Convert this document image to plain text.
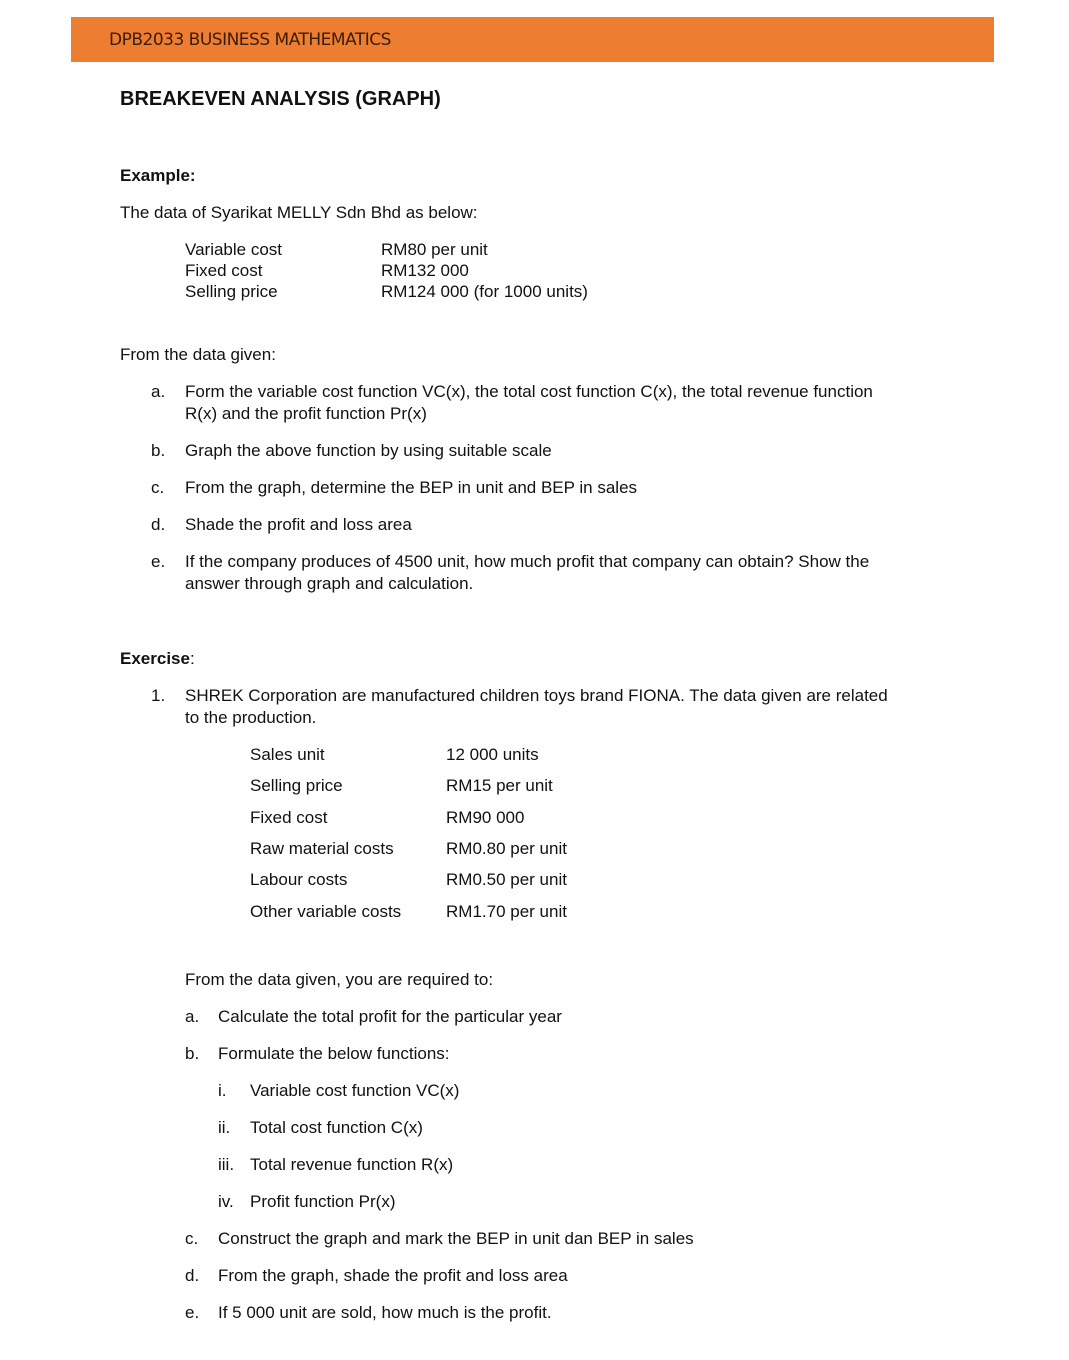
DPB2033 BUSINESS MATHEMATICS
BREAKEVEN ANALYSIS (GRAPH)
Example:
The data of Syarikat MELLY Sdn Bhd as below:
Variable cost	RM80 per unit
Fixed cost	RM132 000
Selling price	RM124 000 (for 1000 units)
From the data given:
a. Form the variable cost function VC(x), the total cost function C(x), the total revenue function
R(x) and the profit function Pr(x)
b. Graph the above function by using suitable scale
c. From the graph, determine the BEP in unit and BEP in sales
d. Shade the profit and loss area
e. If the company produces of 4500 unit, how much profit that company can obtain? Show the
answer through graph and calculation.
Exercise:
1. SHREK Corporation are manufactured children toys brand FIONA. The data given are related
to the production.
Sales unit	12 000 units
Selling price	RM15 per unit
Fixed cost	RM90 000
Raw material costs	RM0.80 per unit
Labour costs	RM0.50 per unit
Other variable costs	RM1.70 per unit
From the data given, you are required to:
a. Calculate the total profit for the particular year
b. Formulate the below functions:
i. Variable cost function VC(x)
ii. Total cost function C(x)
iii. Total revenue function R(x)
iv. Profit function Pr(x)
c. Construct the graph and mark the BEP in unit dan BEP in sales
d. From the graph, shade the profit and loss area
e. If 5 000 unit are sold, how much is the profit.
